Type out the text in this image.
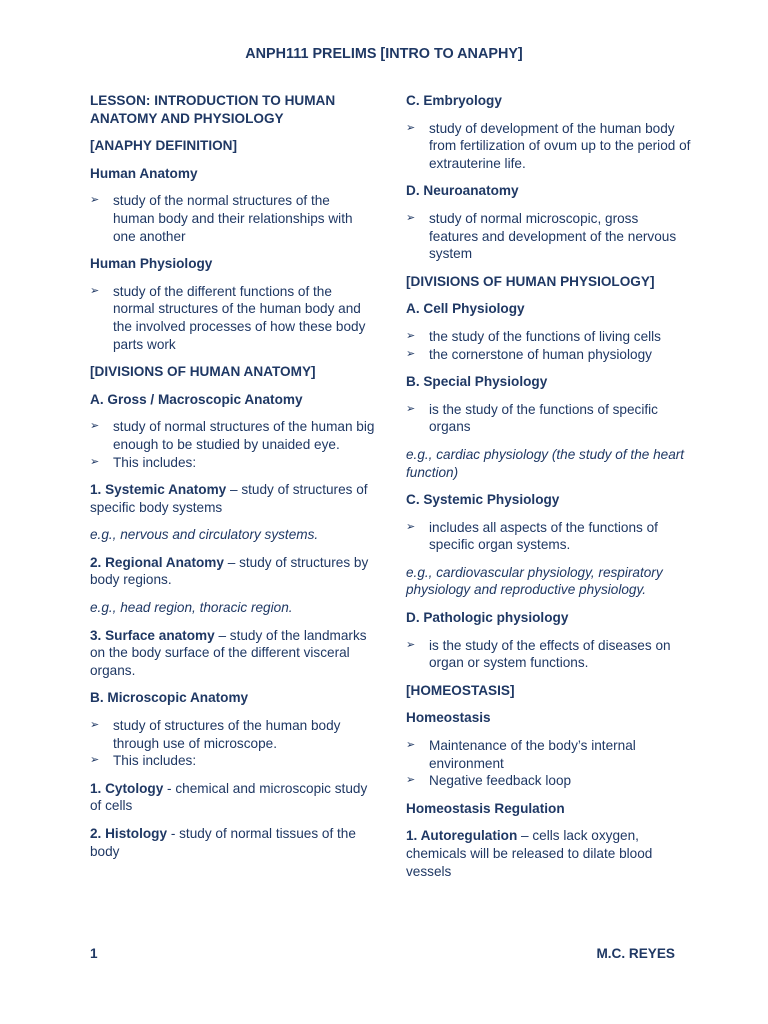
ANPH111 PRELIMS [INTRO TO ANAPHY]
LESSON: INTRODUCTION TO HUMAN ANATOMY AND PHYSIOLOGY
[ANAPHY DEFINITION]
Human Anatomy
➢ study of the normal structures of the human body and their relationships with one another
Human Physiology
➢ study of the different functions of the normal structures of the human body and the involved processes of how these body parts work
[DIVISIONS OF HUMAN ANATOMY]
A. Gross / Macroscopic Anatomy
➢ study of normal structures of the human big enough to be studied by unaided eye.
➢ This includes:
1. Systemic Anatomy – study of structures of specific body systems
e.g., nervous and circulatory systems.
2. Regional Anatomy – study of structures by body regions.
e.g., head region, thoracic region.
3. Surface anatomy – study of the landmarks on the body surface of the different visceral organs.
B. Microscopic Anatomy
➢ study of structures of the human body through use of microscope.
➢ This includes:
1. Cytology - chemical and microscopic study of cells
2. Histology - study of normal tissues of the body
C. Embryology
➢ study of development of the human body from fertilization of ovum up to the period of extrauterine life.
D. Neuroanatomy
➢ study of normal microscopic, gross features and development of the nervous system
[DIVISIONS OF HUMAN PHYSIOLOGY]
A. Cell Physiology
➢ the study of the functions of living cells
➢ the cornerstone of human physiology
B. Special Physiology
➢ is the study of the functions of specific organs
e.g., cardiac physiology (the study of the heart function)
C. Systemic Physiology
➢ includes all aspects of the functions of specific organ systems.
e.g., cardiovascular physiology, respiratory physiology and reproductive physiology.
D. Pathologic physiology
➢ is the study of the effects of diseases on organ or system functions.
[HOMEOSTASIS]
Homeostasis
➢ Maintenance of the body’s internal environment
➢ Negative feedback loop
Homeostasis Regulation
1. Autoregulation – cells lack oxygen, chemicals will be released to dilate blood vessels
1	M.C. REYES
